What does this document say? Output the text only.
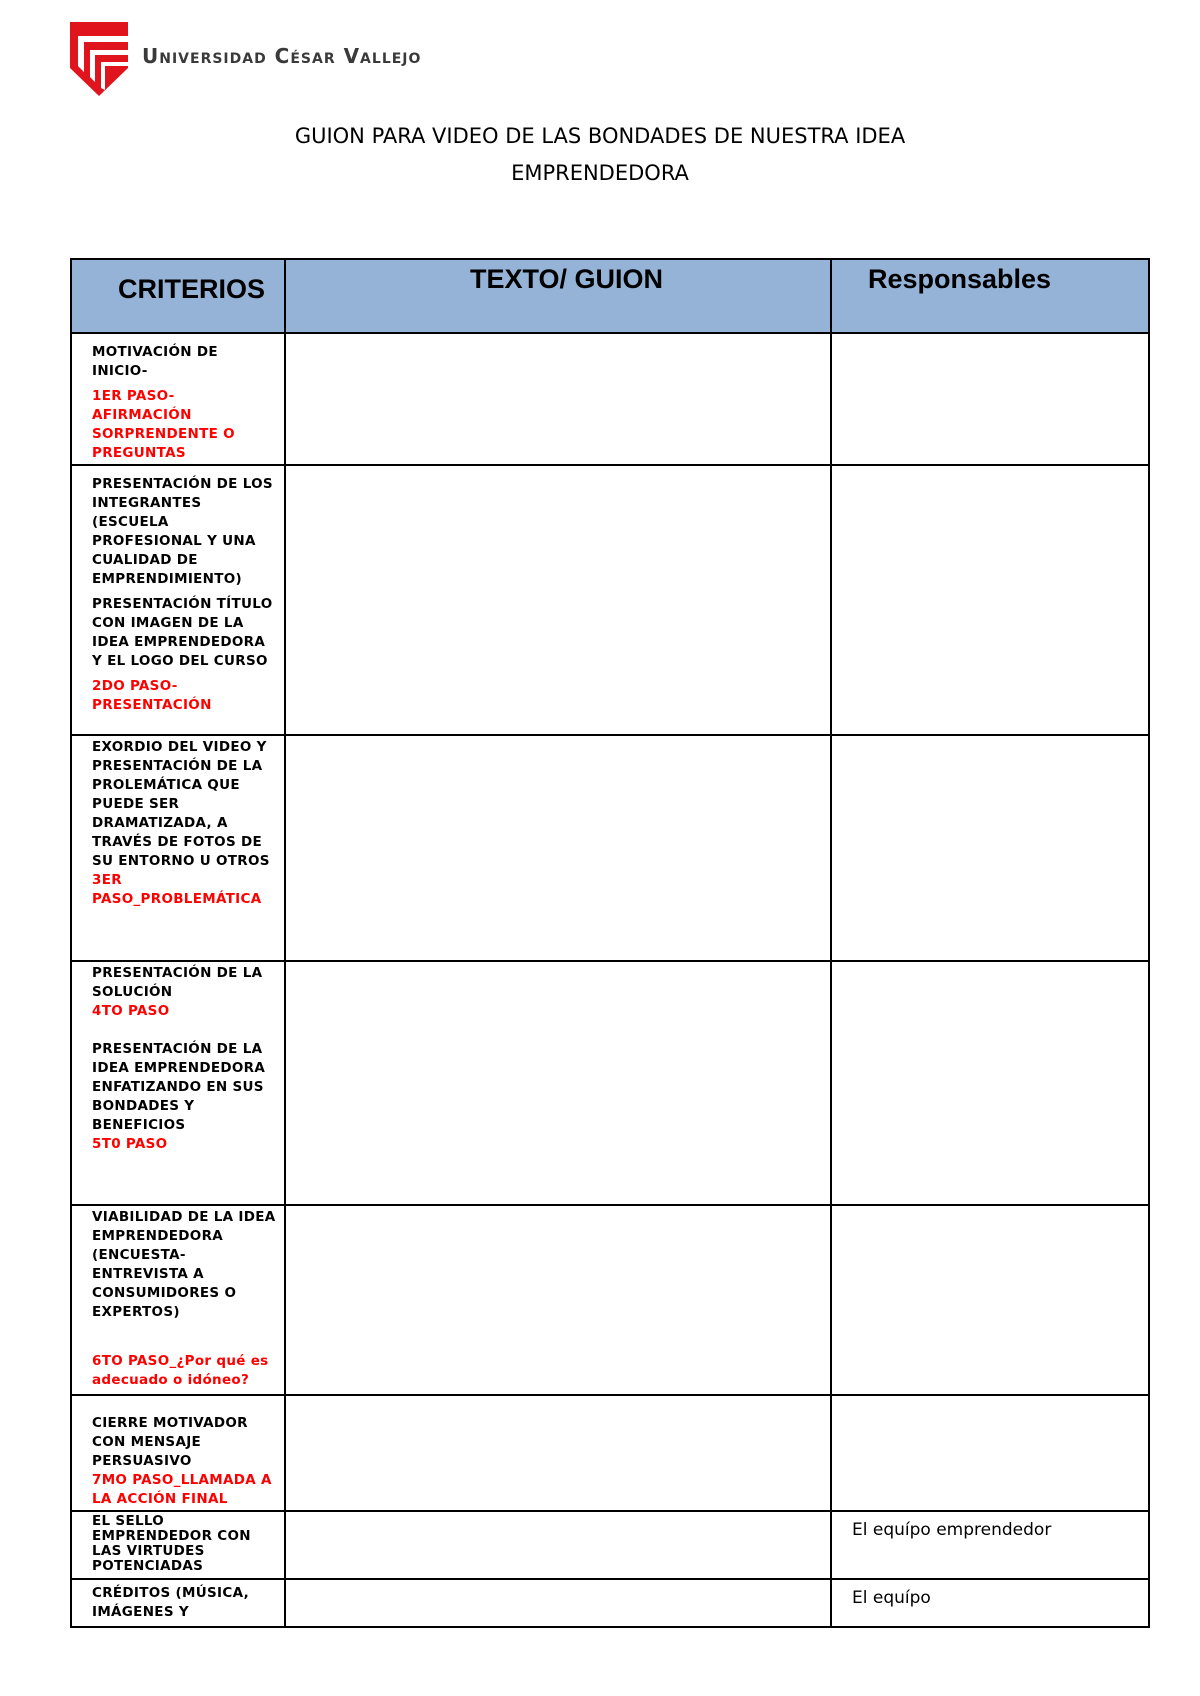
Universidad César Vallejo
GUION PARA VIDEO DE LAS BONDADES DE NUESTRA IDEA
EMPRENDEDORA
CRITERIOS	TEXTO/ GUION	Responsables

MOTIVACIÓN DE INICIO-
1ER PASO- AFIRMACIÓN SORPRENDENTE O PREGUNTAS		

PRESENTACIÓN DE LOS INTEGRANTES (ESCUELA PROFESIONAL Y UNA CUALIDAD DE EMPRENDIMIENTO)
PRESENTACIÓN TÍTULO CON IMAGEN DE LA IDEA EMPRENDEDORA Y EL LOGO DEL CURSO
2DO PASO- PRESENTACIÓN		

EXORDIO DEL VIDEO Y PRESENTACIÓN DE LA PROLEMÁTICA QUE PUEDE SER DRAMATIZADA, A TRAVÉS DE FOTOS DE SU ENTORNO U OTROS
3ER PASO_PROBLEMÁTICA		

PRESENTACIÓN DE LA SOLUCIÓN
4TO PASO
PRESENTACIÓN DE LA IDEA EMPRENDEDORA ENFATIZANDO EN SUS BONDADES Y BENEFICIOS
5T0 PASO		

VIABILIDAD DE LA IDEA EMPRENDEDORA (ENCUESTA- ENTREVISTA A CONSUMIDORES O EXPERTOS)
6TO PASO_¿Por qué es adecuado o idóneo?		

CIERRE MOTIVADOR CON MENSAJE PERSUASIVO
7MO PASO_LLAMADA A LA ACCIÓN FINAL		

EL SELLO EMPRENDEDOR CON LAS VIRTUDES POTENCIADAS		El equípo emprendedor

CRÉDITOS (MÚSICA, IMÁGENES Y		El equípo
